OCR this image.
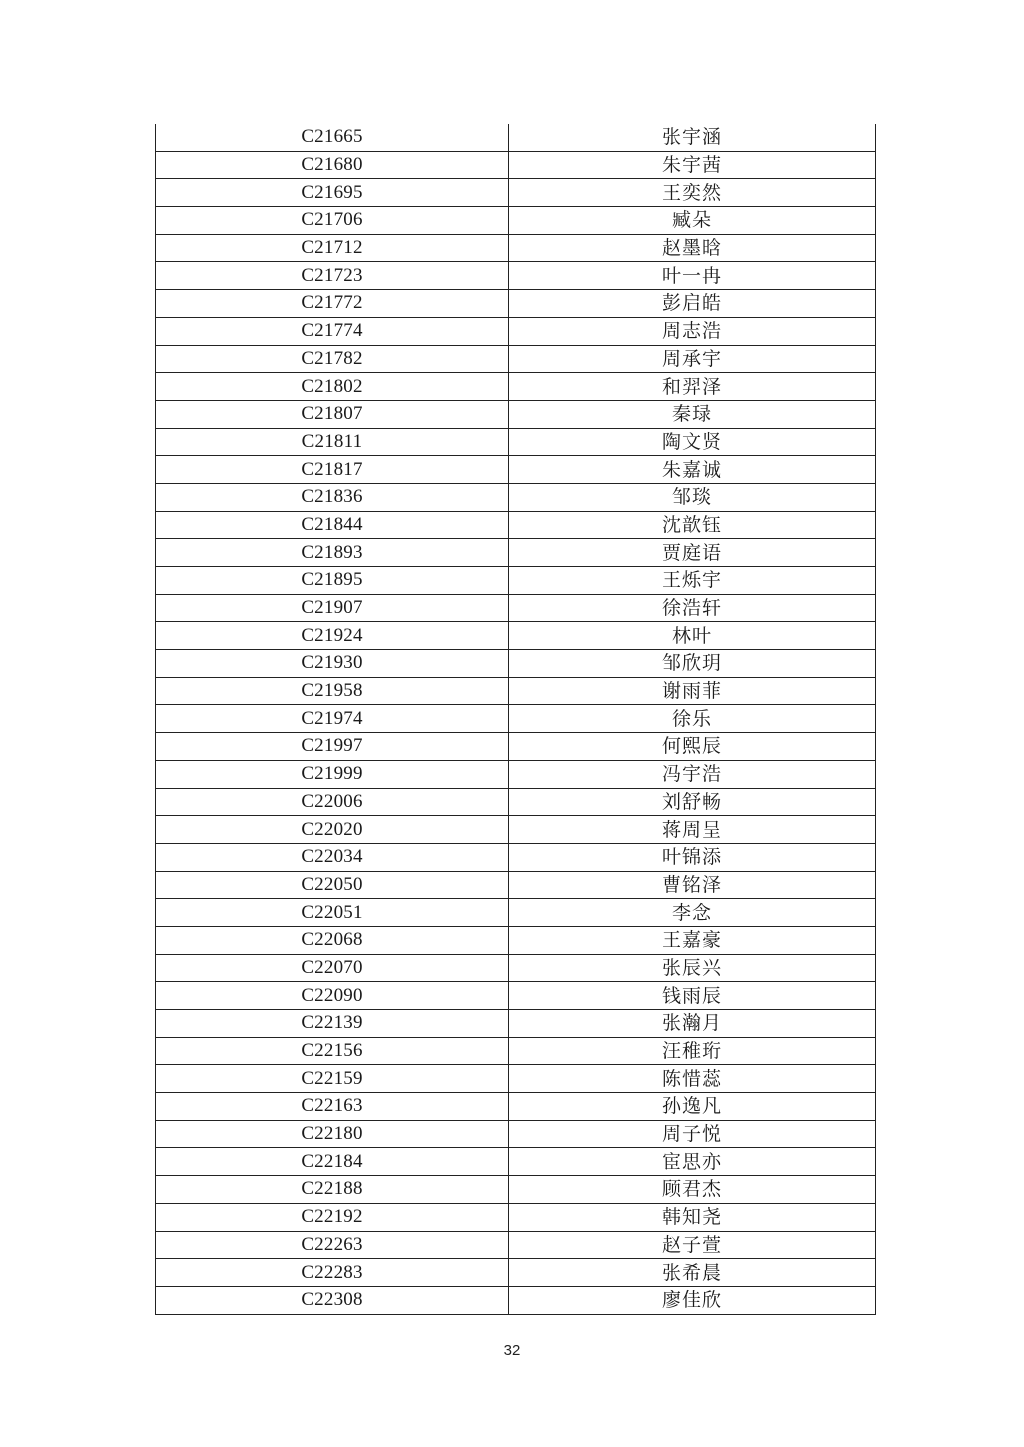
C21665	张宇涵
C21680	朱宇茜
C21695	王奕然
C21706	臧朵
C21712	赵墨晗
C21723	叶一冉
C21772	彭启皓
C21774	周志浩
C21782	周承宇
C21802	和羿泽
C21807	秦琭
C21811	陶文贤
C21817	朱嘉诚
C21836	邹琰
C21844	沈歆钰
C21893	贾庭语
C21895	王烁宇
C21907	徐浩轩
C21924	林叶
C21930	邹欣玥
C21958	谢雨菲
C21974	徐乐
C21997	何熙辰
C21999	冯宇浩
C22006	刘舒畅
C22020	蒋周呈
C22034	叶锦添
C22050	曹铭泽
C22051	李念
C22068	王嘉豪
C22070	张辰兴
C22090	钱雨辰
C22139	张瀚月
C22156	汪稚珩
C22159	陈惜蕊
C22163	孙逸凡
C22180	周子悦
C22184	宦思亦
C22188	顾君杰
C22192	韩知尧
C22263	赵子萱
C22283	张希晨
C22308	廖佳欣
32
